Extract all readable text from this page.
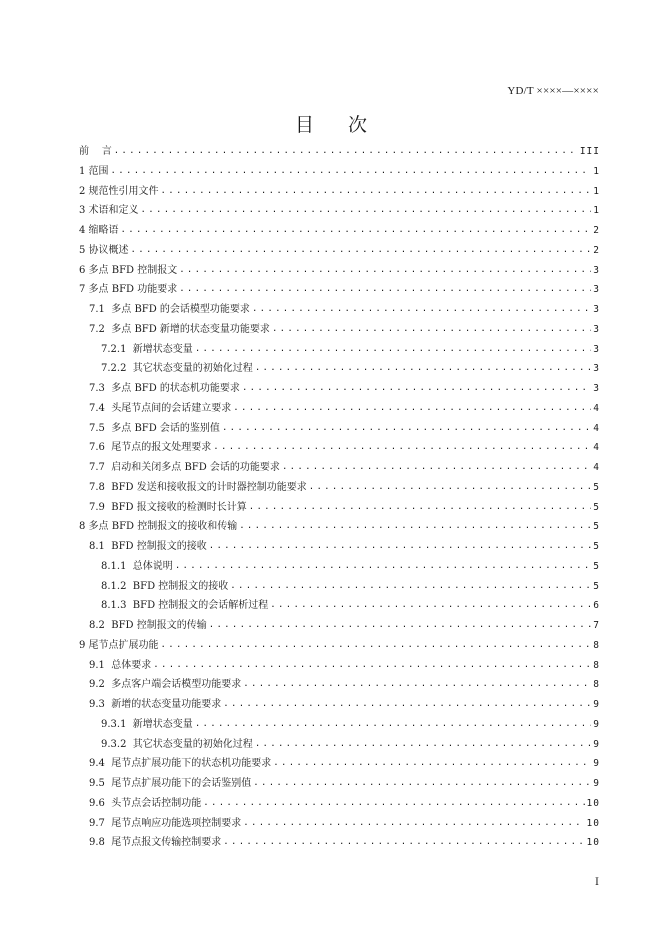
YD/T ××××—××××
目 次
前    言 .....	III
1 范围 .....	1
2 规范性引用文件 .....	1
3 术语和定义 .....	1
4 缩略语 .....	2
5 协议概述 .....	2
6 多点 BFD 控制报文 .....	3
7 多点 BFD 功能要求 .....	3
7.1  多点 BFD 的会话模型功能要求 .....	3
7.2  多点 BFD 新增的状态变量功能要求 .....	3
7.2.1  新增状态变量 .....	3
7.2.2  其它状态变量的初始化过程 .....	3
7.3  多点 BFD 的状态机功能要求 .....	3
7.4  头尾节点间的会话建立要求 .....	4
7.5  多点 BFD 会话的鉴别值 .....	4
7.6  尾节点的报文处理要求 .....	4
7.7  启动和关闭多点 BFD 会话的功能要求 .....	4
7.8  BFD 发送和接收报文的计时器控制功能要求 .....	5
7.9  BFD 报文接收的检测时长计算 .....	5
8 多点 BFD 控制报文的接收和传输 .....	5
8.1  BFD 控制报文的接收 .....	5
8.1.1  总体说明 .....	5
8.1.2  BFD 控制报文的接收 .....	5
8.1.3  BFD 控制报文的会话解析过程 .....	6
8.2  BFD 控制报文的传输 .....	7
9 尾节点扩展功能 .....	8
9.1  总体要求 .....	8
9.2  多点客户端会话模型功能要求 .....	8
9.3  新增的状态变量功能要求 .....	9
9.3.1  新增状态变量 .....	9
9.3.2  其它状态变量的初始化过程 .....	9
9.4  尾节点扩展功能下的状态机功能要求 .....	9
9.5  尾节点扩展功能下的会话鉴别值 .....	9
9.6  头节点会话控制功能 .....	10
9.7  尾节点响应功能选项控制要求 .....	10
9.8  尾节点报文传输控制要求 .....	10
I
